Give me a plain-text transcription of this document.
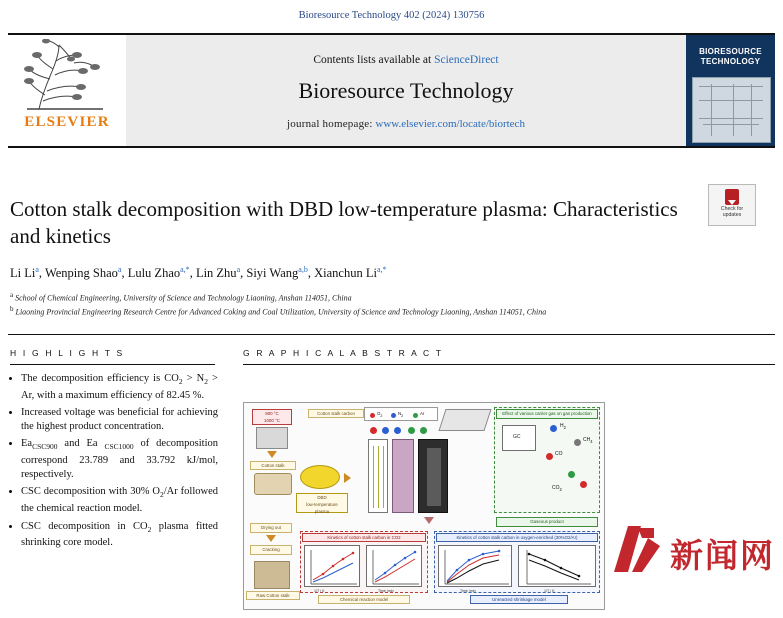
Bioresource Technology 402 (2024) 130756
ELSEVIER
Contents lists available at ScienceDirect
Bioresource Technology
journal homepage: www.elsevier.com/locate/biortech
BIORESOURCE
TECHNOLOGY
Check for
updates
Cotton stalk decomposition with DBD low-temperature plasma: Characteristics and kinetics
Li Li$^a$, Wenping Shao$^a$, Lulu Zhao$^{a,*}$, Lin Zhu$^a$, Siyi Wang$^{a,b}$, Xianchun $Li^{a,*}$
$^a$ School of Chemical Engineering, University of Science and Technology Liaoning, Anshan 114051, China
$^b$ Liaoning Provincial Engineering Research Centre for Advanced Coking and Coal Utilization, University of Science and Technology Liaoning, Anshan 114051, China
H I G H L I G H T S
• The decomposition efficiency is $CO_2 > N_2 > Ar$, with a maximum efficiency of 82.45 %.
• Increased voltage was beneficial for achieving the highest product concentration.
• $Ea_{CSC900}$ and Ea $_{CSC1000}$ of decomposition correspond 23.789 and 33.792 kJ/mol, respectively.
• CSC decomposition with 30% $O_2/Ar$ followed the chemical reaction model.
• CSC decomposition in $CO_2$ plasma fitted shrinking core model.
G R A P H I C A L A B S T R A C T
900 °C
1000 °C
Cotton stalk carbon
Cotton stalk
Drying out
Cracking
Raw Cotton stalk
DBD
low-temperature
plasma
$O_2$	$N_2$	Ar	Effect of various carrier gas on gas production
GC
$H_2$
$CH_4$
CO
$CO_2$
Gaseous product
Kinetics of cotton stalk carbon in CO2
1/T / K	Time /min
Chemical reaction model
Kinetics of cotton stalk carbon in oxygen-enriched (30%O2/Ar)
Time /min	1/T / K
Unreacted shrinkage model
新闻网
